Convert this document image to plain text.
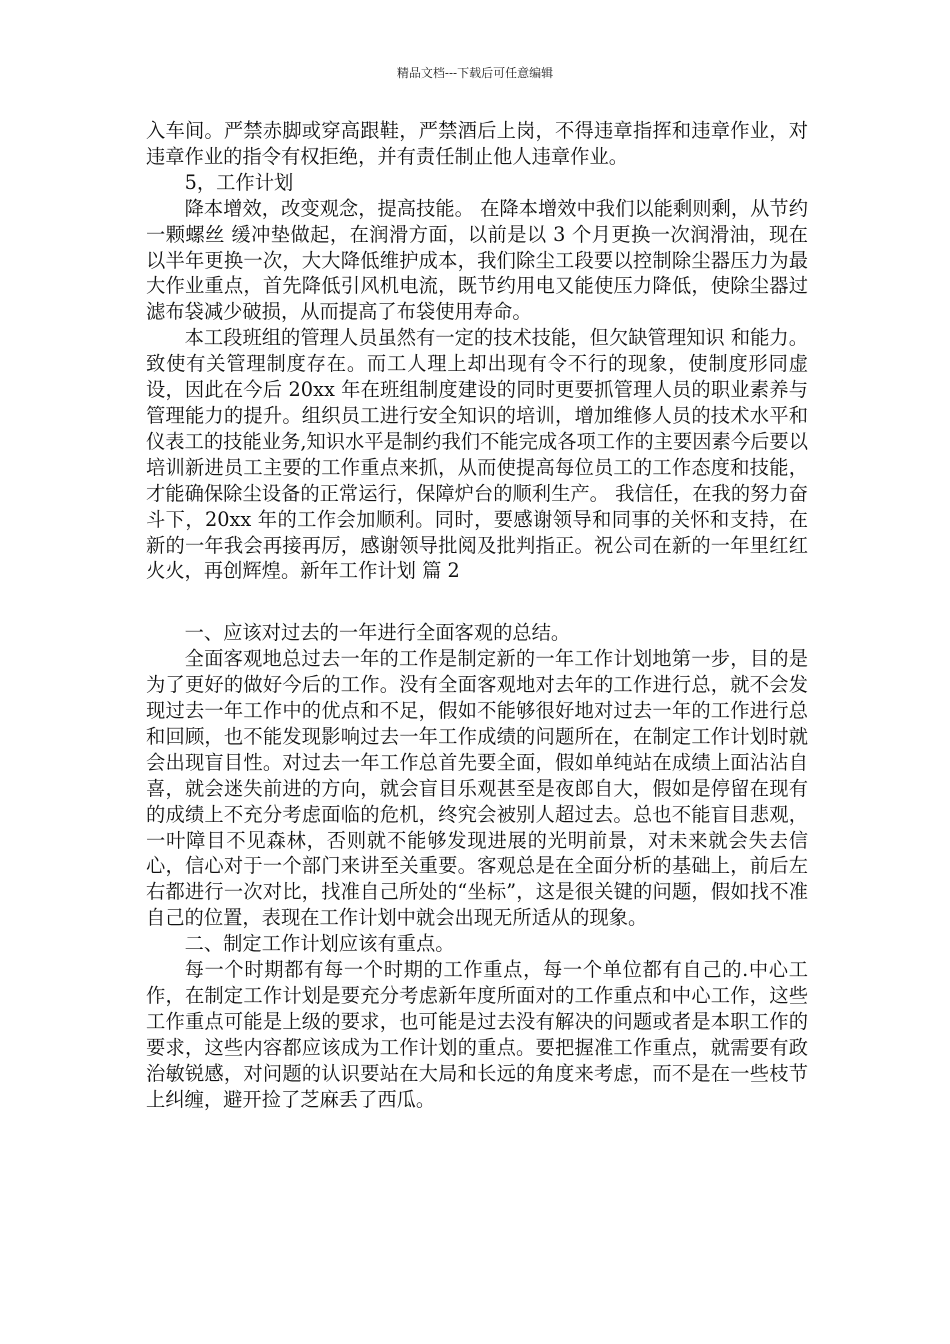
精品文档---下载后可任意编辑

入车间。严禁赤脚或穿高跟鞋，严禁酒后上岗，不得违章指挥和违章作业，对违章作业的指令有权拒绝，并有责任制止他人违章作业。

5，工作计划

降本增效，改变观念，提高技能。 在降本增效中我们以能剩则剩，从节约一颗螺丝 缓冲垫做起，在润滑方面，以前是以 3 个月更换一次润滑油，现在以半年更换一次，大大降低维护成本，我们除尘工段要以控制除尘器压力为最大作业重点，首先降低引风机电流，既节约用电又能使压力降低，使除尘器过滤布袋减少破损，从而提高了布袋使用寿命。

本工段班组的管理人员虽然有一定的技术技能，但欠缺管理知识 和能力。致使有关管理制度存在。而工人理上却出现有令不行的现象，使制度形同虚设，因此在今后 20xx 年在班组制度建设的同时更要抓管理人员的职业素养与管理能力的提升。组织员工进行安全知识的培训，增加维修人员的技术水平和仪表工的技能业务,知识水平是制约我们不能完成各项工作的主要因素今后要以培训新进员工主要的工作重点来抓，从而使提高每位员工的工作态度和技能，才能确保除尘设备的正常运行，保障炉台的顺利生产。 我信任，在我的努力奋斗下，20xx 年的工作会加顺利。同时，要感谢领导和同事的关怀和支持，在新的一年我会再接再厉，感谢领导批阅及批判指正。祝公司在新的一年里红红火火，再创辉煌。新年工作计划 篇 2

一、应该对过去的一年进行全面客观的总结。

全面客观地总过去一年的工作是制定新的一年工作计划地第一步，目的是为了更好的做好今后的工作。没有全面客观地对去年的工作进行总，就不会发现过去一年工作中的优点和不足，假如不能够很好地对过去一年的工作进行总和回顾，也不能发现影响过去一年工作成绩的问题所在，在制定工作计划时就会出现盲目性。对过去一年工作总首先要全面，假如单纯站在成绩上面沾沾自喜，就会迷失前进的方向，就会盲目乐观甚至是夜郎自大，假如是停留在现有的成绩上不充分考虑面临的危机，终究会被别人超过去。总也不能盲目悲观，一叶障目不见森林，否则就不能够发现进展的光明前景，对未来就会失去信心，信心对于一个部门来讲至关重要。客观总是在全面分析的基础上，前后左右都进行一次对比，找准自己所处的“坐标”，这是很关键的问题，假如找不准自己的位置，表现在工作计划中就会出现无所适从的现象。

二、制定工作计划应该有重点。

每一个时期都有每一个时期的工作重点，每一个单位都有自己的.中心工作，在制定工作计划是要充分考虑新年度所面对的工作重点和中心工作，这些工作重点可能是上级的要求，也可能是过去没有解决的问题或者是本职工作的要求，这些内容都应该成为工作计划的重点。要把握准工作重点，就需要有政治敏锐感，对问题的认识要站在大局和长远的角度来考虑，而不是在一些枝节上纠缠，避开捡了芝麻丢了西瓜。
